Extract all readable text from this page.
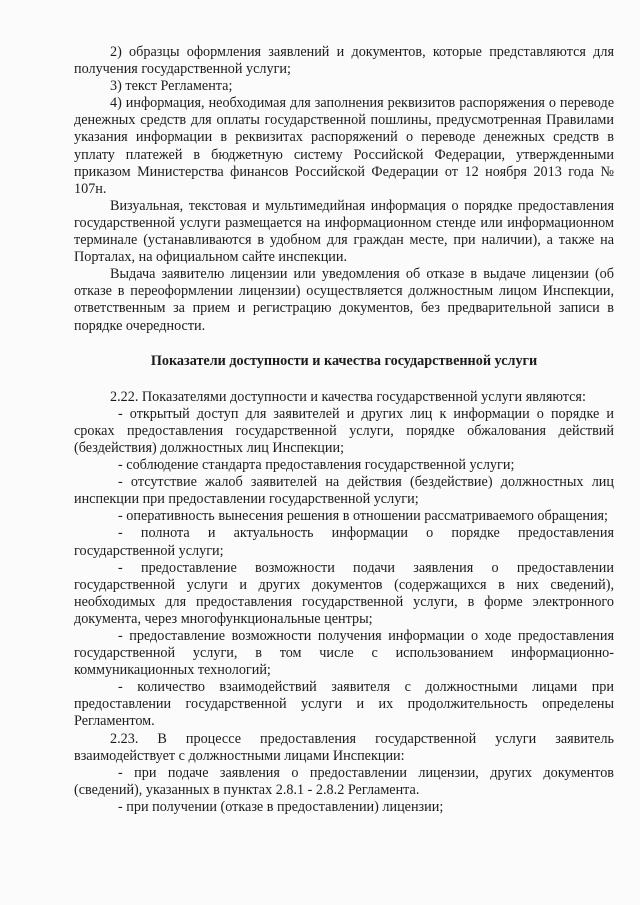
2) образцы оформления заявлений и документов, которые представляются для получения государственной услуги;

3) текст Регламента;

4) информация, необходимая для заполнения реквизитов распоряжения о переводе денежных средств для оплаты государственной пошлины, предусмотренная Правилами указания информации в реквизитах распоряжений о переводе денежных средств в уплату платежей в бюджетную систему Российской Федерации, утвержденными приказом Министерства финансов Российской Федерации от 12 ноября 2013 года № 107н.

Визуальная, текстовая и мультимедийная информация о порядке предоставления государственной услуги размещается на информационном стенде или информационном терминале (устанавливаются в удобном для граждан месте, при наличии), а также на Порталах, на официальном сайте инспекции.

Выдача заявителю лицензии или уведомления об отказе в выдаче лицензии (об отказе в переоформлении лицензии) осуществляется должностным лицом Инспекции, ответственным за прием и регистрацию документов, без предварительной записи в порядке очередности.

Показатели доступности и качества государственной услуги

2.22. Показателями доступности и качества государственной услуги являются:

- открытый доступ для заявителей и других лиц к информации о порядке и сроках предоставления государственной услуги, порядке обжалования действий (бездействия) должностных лиц Инспекции;

- соблюдение стандарта предоставления государственной услуги;

- отсутствие жалоб заявителей на действия (бездействие) должностных лиц инспекции при предоставлении государственной услуги;

- оперативность вынесения решения в отношении рассматриваемого обращения;

- полнота и актуальность информации о порядке предоставления государственной услуги;

- предоставление возможности подачи заявления о предоставлении государственной услуги и других документов (содержащихся в них сведений), необходимых для предоставления государственной услуги, в форме электронного документа, через многофункциональные центры;

- предоставление возможности получения информации о ходе предоставления государственной услуги, в том числе с использованием информационно-коммуникационных технологий;

- количество взаимодействий заявителя с должностными лицами при предоставлении государственной услуги и их продолжительность определены Регламентом.

2.23. В процессе предоставления государственной услуги заявитель взаимодействует с должностными лицами Инспекции:

- при подаче заявления о предоставлении лицензии, других документов (сведений), указанных в пунктах 2.8.1 - 2.8.2 Регламента.

- при получении (отказе в предоставлении) лицензии;
